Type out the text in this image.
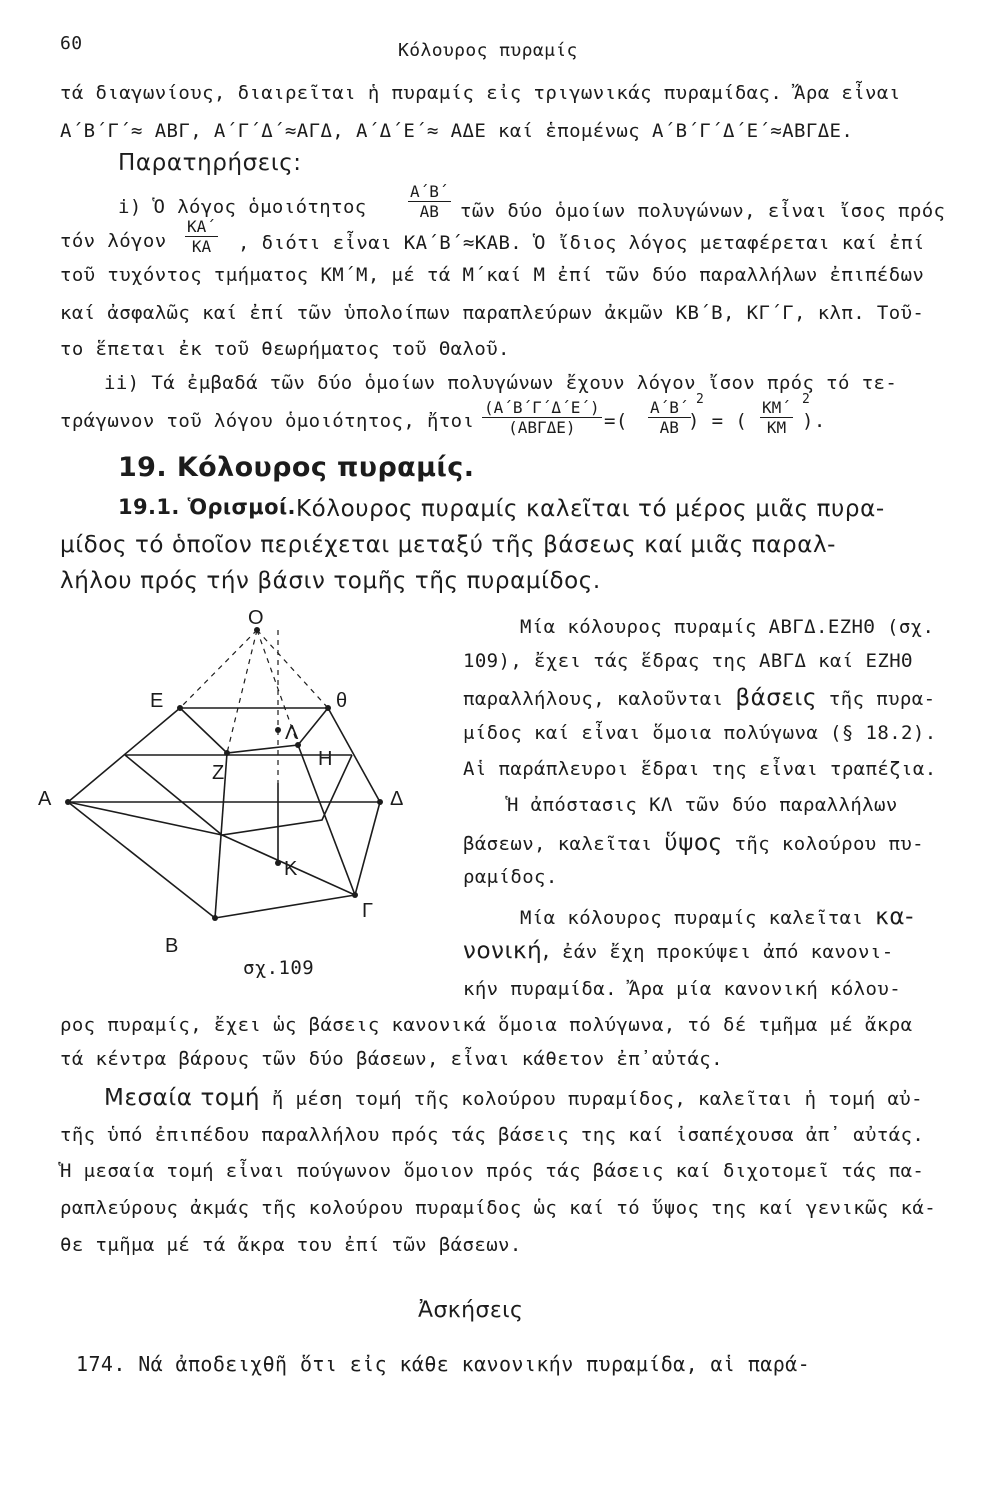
60	Κόλουρος πυραμίς
τά διαγωνίους, διαιρεῖται ἡ πυραμίς εἰς τριγωνικάς πυραμίδας. Ἄρα εἶναι
Α΄Β΄Γ΄≈ ΑΒΓ, Α΄Γ΄Δ΄≈ΑΓΔ, Α΄Δ΄Ε΄≈ ΑΔΕ καί ἑπομένως Α΄Β΄Γ΄Δ΄Ε΄≈ΑΒΓΔΕ.
Παρατηρήσεις:
i) Ὁ λόγος ὁμοιότητος	$\frac{A΄B΄}{AB}$ τῶν δύο ὁμοίων πολυγώνων, εἶναι ἴσος πρός
τόν λόγον $\frac{KA΄}{KA}$ , διότι εἶναι ΚΑ΄Β΄≈ΚΑΒ. Ὁ ἴδιος λόγος μεταφέρεται καί ἐπί
τοῦ τυχόντος τμήματος ΚΜ΄Μ, μέ τά Μ΄καί Μ ἐπί τῶν δύο παραλλήλων ἐπιπέδων
καί ἀσφαλῶς καί ἐπί τῶν ὑπολοίπων παραπλεύρων ἀκμῶν ΚΒ΄Β, ΚΓ΄Γ, κλπ. Τοῦ-
το ἕπεται ἐκ τοῦ θεωρήματος τοῦ Θαλοῦ.
ii) Τά ἐμβαδά τῶν δύο ὁμοίων πολυγώνων ἔχουν λόγον ἴσον πρός τό τε-
τράγωνον τοῦ λόγου ὁμοιότητος, ἤτοι
(Α΄Β΄Γ΄Δ΄Ε΄)
(ΑΒΓΔΕ)	=( $\frac{A΄B΄}{AB} 2$
) = ( $\frac{KM΄}{KM} 2$
).
19. Κόλουρος πυραμίς.
19.1. Ὁρισμοί. Κόλουρος πυραμίς καλεῖται τό μέρος μιᾶς πυρα-
μίδος τό ὁποῖον περιέχεται μεταξύ τῆς βάσεως καί μιᾶς παραλ-
λήλου πρός τήν βάσιν τομῆς τῆς πυραμίδος.
O
E	θ
Λ
H
Z
A	Δ
K
Γ
B
σχ.109
Μία κόλουρος πυραμίς ΑΒΓΔ.ΕΖΗΘ (σχ.
109), ἔχει τάς ἕδρας της ΑΒΓΔ καί ΕΖΗΘ
παραλλήλους, καλοῦνται βάσεις τῆς πυρα-
μίδος καί εἶναι ὅμοια πολύγωνα (§ 18.2).
Αἱ παράπλευροι ἕδραι της εἶναι τραπέζια.
Ἡ ἀπόστασις ΚΛ τῶν δύο παραλλήλων
βάσεων, καλεῖται ὕψος τῆς κολούρου πυ-
ραμίδος.
Μία κόλουρος πυραμίς καλεῖται κα-
νονική, ἐάν ἔχη προκύψει ἀπό κανονι-
κήν πυραμίδα. Ἄρα μία κανονική κόλου-
ρος πυραμίς, ἔχει ὡς βάσεις κανονικά ὅμοια πολύγωνα, τό δέ τμῆμα μέ ἄκρα
τά κέντρα βάρους τῶν δύο βάσεων, εἶναι κάθετον ἐπ᾽αὐτάς.
Μεσαία τομή ἤ μέση τομή τῆς κολούρου πυραμίδος, καλεῖται ἡ τομή αὐ-
τῆς ὑπό ἐπιπέδου παραλλήλου πρός τάς βάσεις της καί ἰσαπέχουσα ἀπ᾽ αὐτάς.
Ἡ μεσαία τομή εἶναι πούγωνον ὅμοιον πρός τάς βάσεις καί διχοτομεῖ τάς πα-
ραπλεύρους ἀκμάς τῆς κολούρου πυραμίδος ὡς καί τό ὕψος της καί γενικῶς κά-
θε τμῆμα μέ τά ἄκρα του ἐπί τῶν βάσεων.
Ἀσκήσεις
174. Νά ἀποδειχθῆ ὅτι εἰς κάθε κανονικήν πυραμίδα, αἱ παρά-
